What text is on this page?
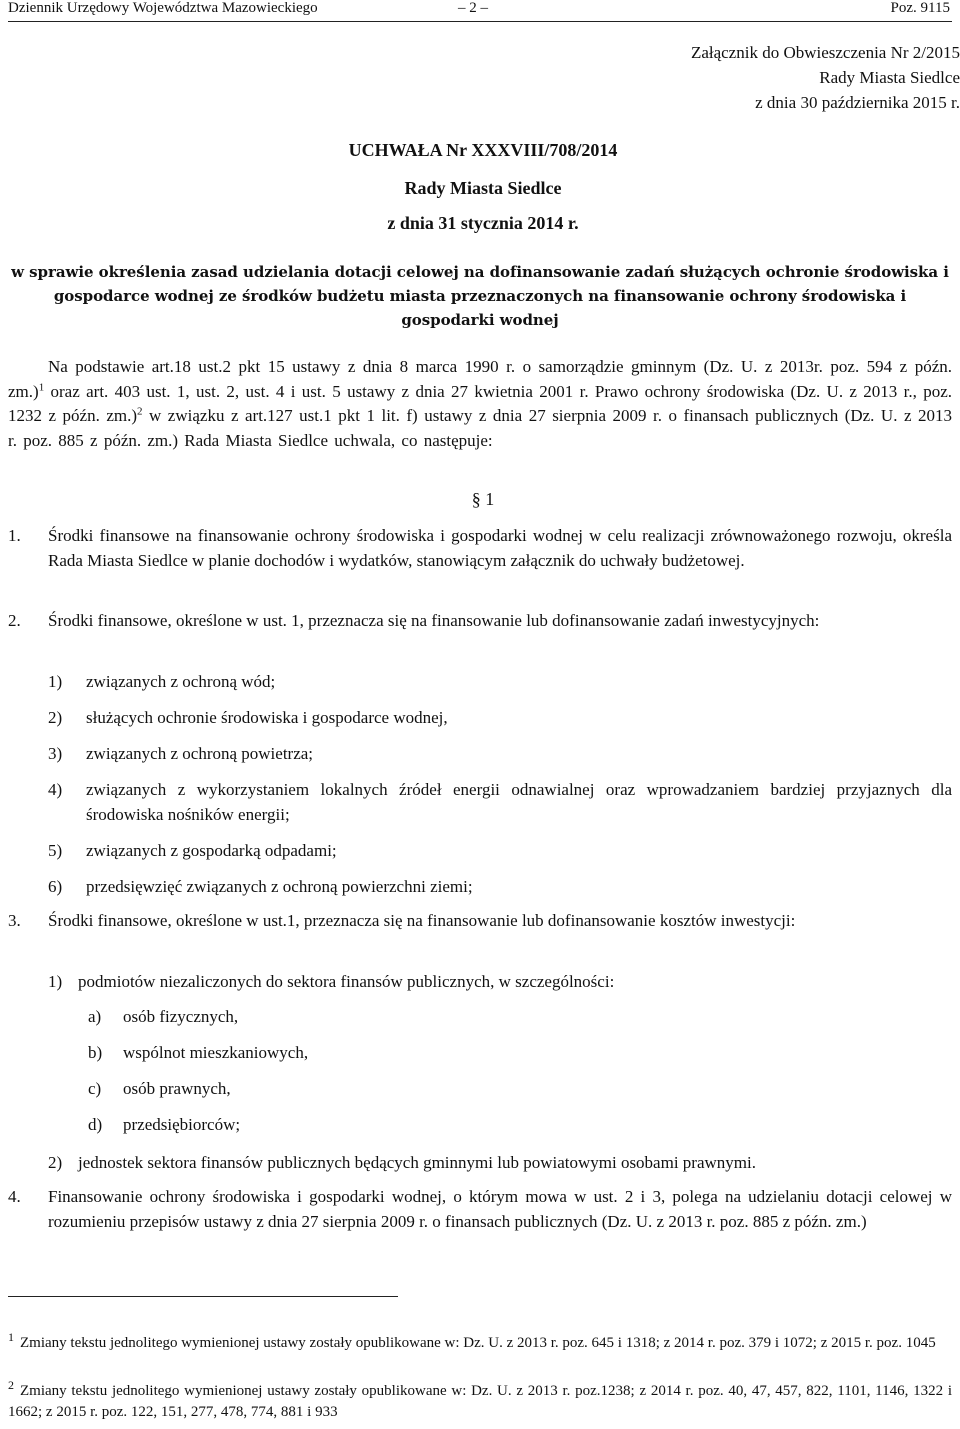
Dziennik Urzędowy Województwa Mazowieckiego	– 2 –	Poz. 9115
Załącznik do Obwieszczenia Nr 2/2015
Rady Miasta Siedlce
z dnia 30 października 2015 r.
UCHWAŁA Nr XXXVIII/708/2014
Rady Miasta Siedlce
z dnia 31 stycznia 2014 r.
w sprawie określenia zasad udzielania dotacji celowej na dofinansowanie zadań służących ochronie środowiska i gospodarce wodnej ze środków budżetu miasta przeznaczonych na finansowanie ochrony środowiska i gospodarki wodnej
Na podstawie art.18 ust.2 pkt 15 ustawy z dnia 8 marca 1990 r. o samorządzie gminnym (Dz. U. z 2013r. poz. 594 z późn. zm.)$^1$ oraz art. 403 ust. 1, ust. 2, ust. 4 i ust. 5 ustawy z dnia 27 kwietnia 2001 r. Prawo ochrony środowiska (Dz. U. z 2013 r., poz. 1232 z późn. zm.)$^2$ w związku z art.127 ust.1 pkt 1 lit. f) ustawy z dnia 27 sierpnia 2009 r. o finansach publicznych (Dz. U. z 2013 r. poz. 885 z późn. zm.) Rada Miasta Siedlce uchwala, co następuje:
§ 1
1. Środki finansowe na finansowanie ochrony środowiska i gospodarki wodnej w celu realizacji zrównoważonego rozwoju, określa Rada Miasta Siedlce w planie dochodów i wydatków, stanowiącym załącznik do uchwały budżetowej.
2. Środki finansowe, określone w ust. 1, przeznacza się na finansowanie lub dofinansowanie zadań inwestycyjnych:
1) związanych z ochroną wód;
2) służących ochronie środowiska i gospodarce wodnej,
3) związanych z ochroną powietrza;
4) związanych z wykorzystaniem lokalnych źródeł energii odnawialnej oraz wprowadzaniem bardziej przyjaznych dla środowiska nośników energii;
5) związanych z gospodarką odpadami;
6) przedsięwzięć związanych z ochroną powierzchni ziemi;
3. Środki finansowe, określone w ust.1, przeznacza się na finansowanie lub dofinansowanie kosztów inwestycji:
1) podmiotów niezaliczonych do sektora finansów publicznych, w szczególności:
a) osób fizycznych,
b) wspólnot mieszkaniowych,
c) osób prawnych,
d) przedsiębiorców;
2) jednostek sektora finansów publicznych będących gminnymi lub powiatowymi osobami prawnymi.
4. Finansowanie ochrony środowiska i gospodarki wodnej, o którym mowa w ust. 2 i 3, polega na udzielaniu dotacji celowej w rozumieniu przepisów ustawy z dnia 27 sierpnia 2009 r. o finansach publicznych (Dz. U. z 2013 r. poz. 885 z późn. zm.)
$^1$ Zmiany tekstu jednolitego wymienionej ustawy zostały opublikowane w: Dz. U. z 2013 r. poz. 645 i 1318; z 2014 r. poz. 379 i 1072; z 2015 r. poz. 1045
$^2$ Zmiany tekstu jednolitego wymienionej ustawy zostały opublikowane w: Dz. U. z 2013 r. poz.1238; z 2014 r. poz. 40, 47, 457, 822, 1101, 1146, 1322 i 1662; z 2015 r. poz. 122, 151, 277, 478, 774, 881 i 933
